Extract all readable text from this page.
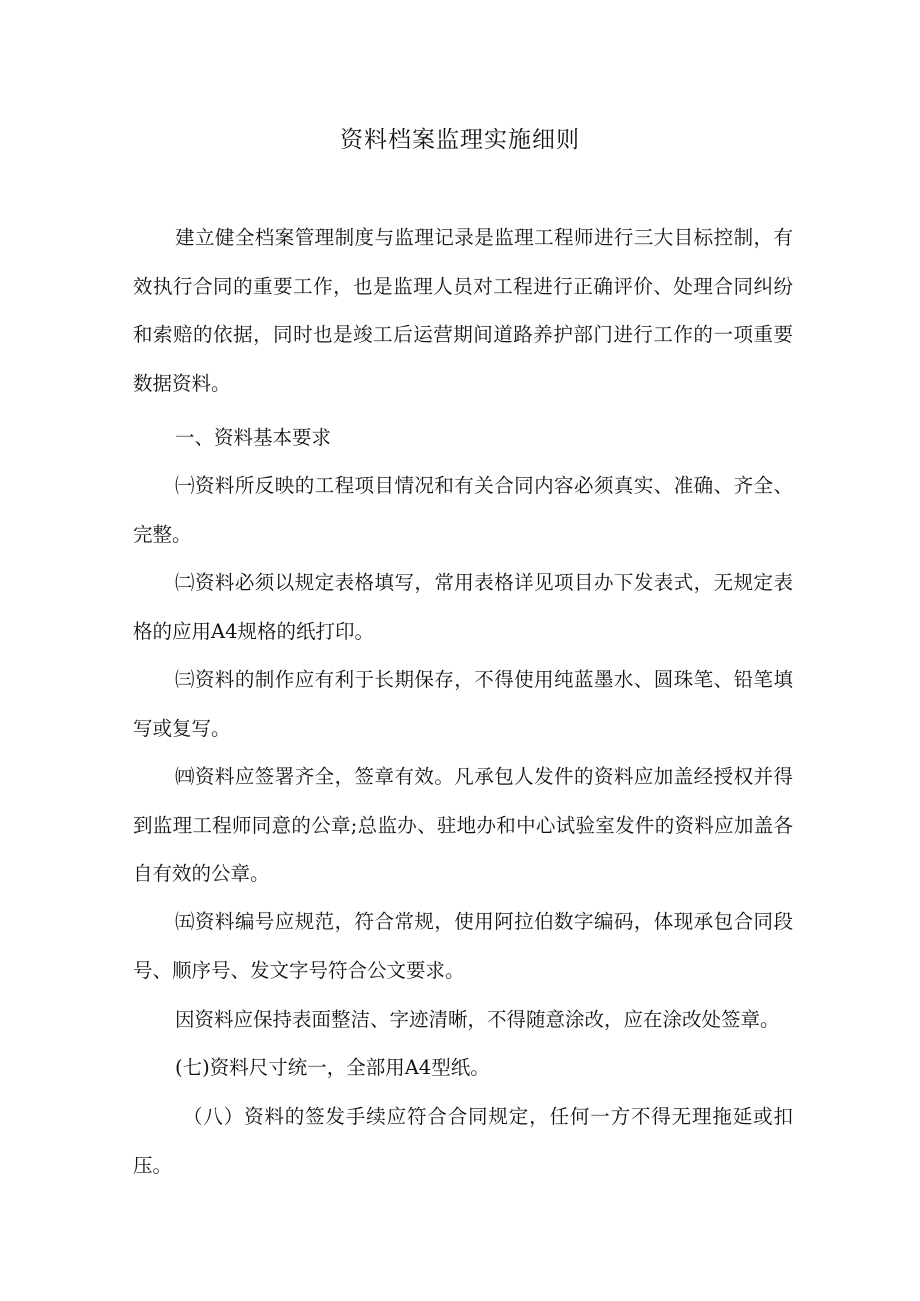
资料档案监理实施细则

建立健全档案管理制度与监理记录是监理工程师进行三大目标控制，有效执行合同的重要工作，也是监理人员对工程进行正确评价、处理合同纠纷和索赔的依据，同时也是竣工后运营期间道路养护部门进行工作的一项重要数据资料。

一、资料基本要求

㈠资料所反映的工程项目情况和有关合同内容必须真实、准确、齐全、完整。

㈡资料必须以规定表格填写，常用表格详见项目办下发表式，无规定表格的应用A4规格的纸打印。

㈢资料的制作应有利于长期保存，不得使用纯蓝墨水、圆珠笔、铅笔填写或复写。

㈣资料应签署齐全，签章有效。凡承包人发件的资料应加盖经授权并得到监理工程师同意的公章;总监办、驻地办和中心试验室发件的资料应加盖各自有效的公章。

㈤资料编号应规范，符合常规，使用阿拉伯数字编码，体现承包合同段号、顺序号、发文字号符合公文要求。

因资料应保持表面整洁、字迹清晰，不得随意涂改，应在涂改处签章。

(七)资料尺寸统一，全部用A4型纸。

（八）资料的签发手续应符合合同规定，任何一方不得无理拖延或扣压。
